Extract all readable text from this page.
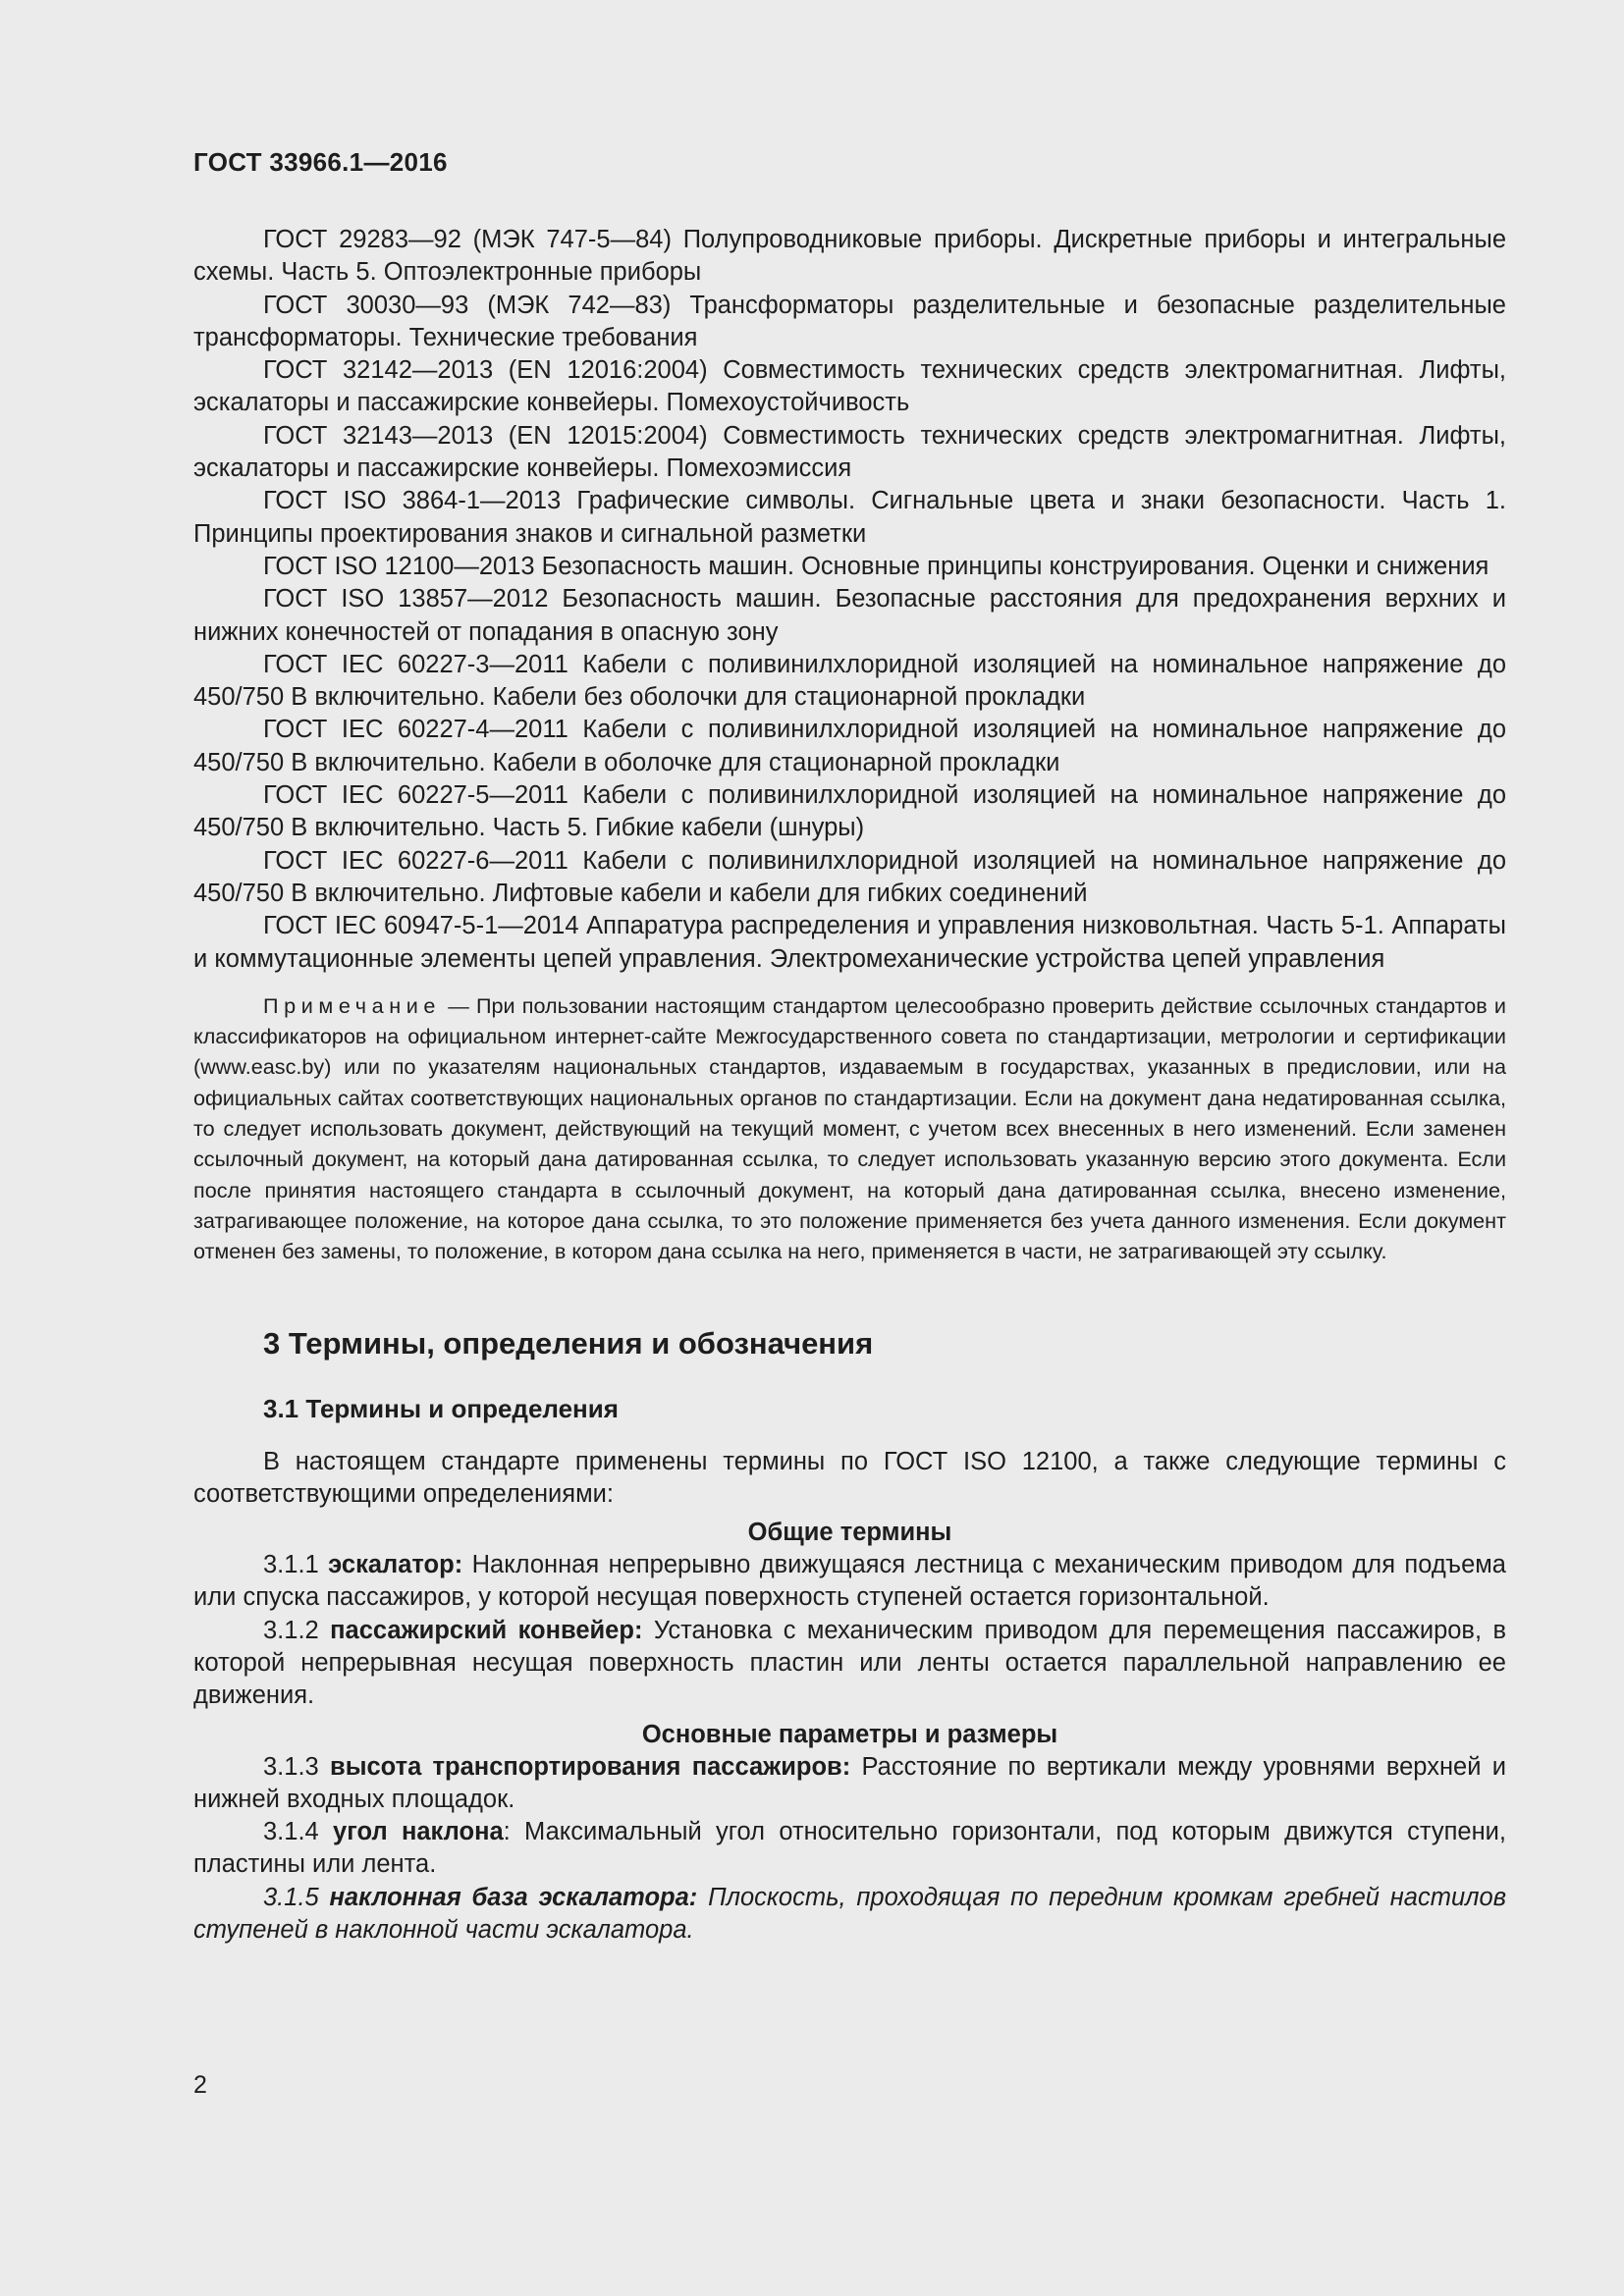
ГОСТ 33966.1—2016

ГОСТ 29283—92 (МЭК 747-5—84) Полупроводниковые приборы. Дискретные приборы и интегральные схемы. Часть 5. Оптоэлектронные приборы

ГОСТ 30030—93 (МЭК 742—83) Трансформаторы разделительные и безопасные разделительные трансформаторы. Технические требования

ГОСТ 32142—2013 (EN 12016:2004) Совместимость технических средств электромагнитная. Лифты, эскалаторы и пассажирские конвейеры. Помехоустойчивость

ГОСТ 32143—2013 (EN 12015:2004) Совместимость технических средств электромагнитная. Лифты, эскалаторы и пассажирские конвейеры. Помехоэмиссия

ГОСТ ISO 3864-1—2013 Графические символы. Сигнальные цвета и знаки безопасности. Часть 1. Принципы проектирования знаков и сигнальной разметки

ГОСТ ISO 12100—2013 Безопасность машин. Основные принципы конструирования. Оценки и снижения

ГОСТ ISO 13857—2012 Безопасность машин. Безопасные расстояния для предохранения верхних и нижних конечностей от попадания в опасную зону

ГОСТ IEC 60227-3—2011 Кабели с поливинилхлоридной изоляцией на номинальное напряжение до 450/750 В включительно. Кабели без оболочки для стационарной прокладки

ГОСТ IEC 60227-4—2011 Кабели с поливинилхлоридной изоляцией на номинальное напряжение до 450/750 В включительно. Кабели в оболочке для стационарной прокладки

ГОСТ IEC 60227-5—2011 Кабели с поливинилхлоридной изоляцией на номинальное напряжение до 450/750 В включительно. Часть 5. Гибкие кабели (шнуры)

ГОСТ IEC 60227-6—2011 Кабели с поливинилхлоридной изоляцией на номинальное напряжение до 450/750 В включительно. Лифтовые кабели и кабели для гибких соединений

ГОСТ IEC 60947-5-1—2014 Аппаратура распределения и управления низковольтная. Часть 5-1. Аппараты и коммутационные элементы цепей управления. Электромеханические устройства цепей управления

Примечание — При пользовании настоящим стандартом целесообразно проверить действие ссылочных стандартов и классификаторов на официальном интернет-сайте Межгосударственного совета по стандартизации, метрологии и сертификации (www.easc.by) или по указателям национальных стандартов, издаваемым в государствах, указанных в предисловии, или на официальных сайтах соответствующих национальных органов по стандартизации. Если на документ дана недатированная ссылка, то следует использовать документ, действующий на текущий момент, с учетом всех внесенных в него изменений. Если заменен ссылочный документ, на который дана датированная ссылка, то следует использовать указанную версию этого документа. Если после принятия настоящего стандарта в ссылочный документ, на который дана датированная ссылка, внесено изменение, затрагивающее положение, на которое дана ссылка, то это положение применяется без учета данного изменения. Если документ отменен без замены, то положение, в котором дана ссылка на него, применяется в части, не затрагивающей эту ссылку.

3 Термины, определения и обозначения
3.1 Термины и определения

В настоящем стандарте применены термины по ГОСТ ISO 12100, а также следующие термины с соответствующими определениями:

Общие термины

3.1.1 эскалатор: Наклонная непрерывно движущаяся лестница с механическим приводом для подъема или спуска пассажиров, у которой несущая поверхность ступеней остается горизонтальной.

3.1.2 пассажирский конвейер: Установка с механическим приводом для перемещения пассажиров, в которой непрерывная несущая поверхность пластин или ленты остается параллельной направлению ее движения.

Основные параметры и размеры

3.1.3 высота транспортирования пассажиров: Расстояние по вертикали между уровнями верхней и нижней входных площадок.

3.1.4 угол наклона: Максимальный угол относительно горизонтали, под которым движутся ступени, пластины или лента.

3.1.5 наклонная база эскалатора: Плоскость, проходящая по передним кромкам гребней настилов ступеней в наклонной части эскалатора.

2
